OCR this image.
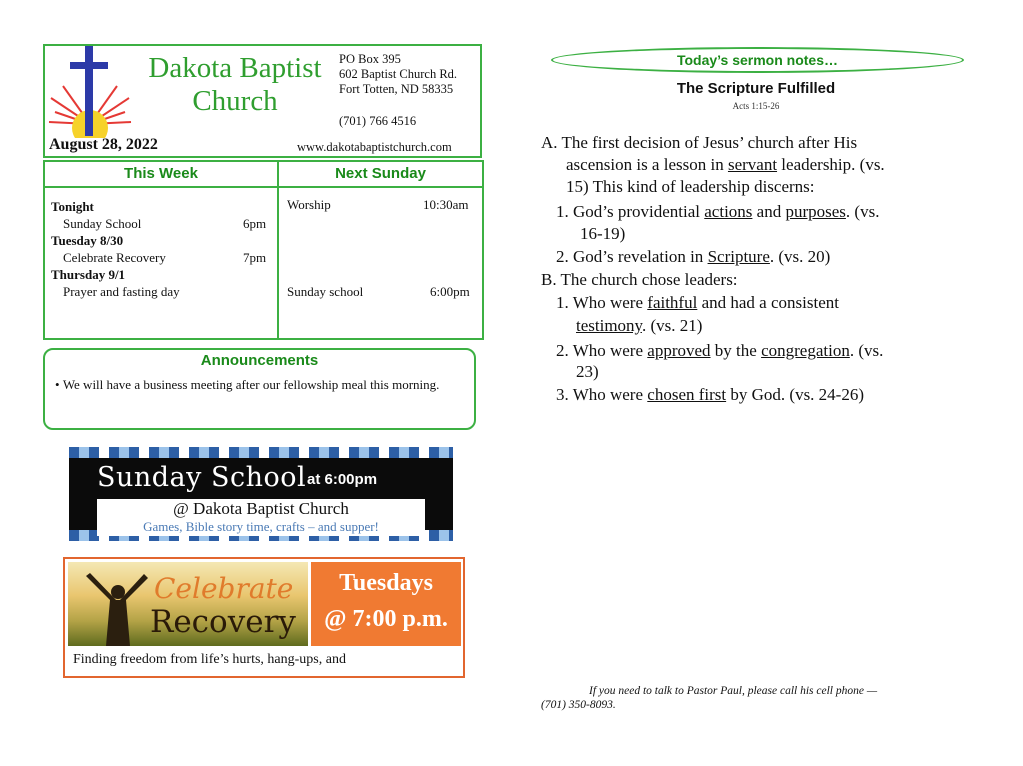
Dakota Baptist
Church
August 28, 2022
PO Box 395
602 Baptist Church Rd.
Fort Totten, ND 58335
(701) 766 4516
www.dakotabaptistchurch.com
This Week	Next Sunday
Tonight
Sunday School	6pm
Tuesday 8/30
Celebrate Recovery	7pm
Thursday 9/1
Prayer and fasting day
Worship	10:30am
Sunday school	6:00pm
Announcements
• We will have a business meeting after our fellowship meal this morning.
Sunday School at 6:00pm
@ Dakota Baptist Church
Games, Bible story time, crafts – and supper!
Celebrate
Recovery
Tuesdays
@ 7:00 p.m.
Finding freedom from life’s hurts, hang-ups, and
Today’s sermon notes…
The Scripture Fulfilled
Acts 1:15-26
A. The first decision of Jesus’ church after His
ascension is a lesson in servant leadership. (vs.
15) This kind of leadership discerns:
1. God’s providential actions and purposes. (vs.
16-19)
2. God’s revelation in Scripture. (vs. 20)
B. The church chose leaders:
1. Who were faithful and had a consistent
testimony. (vs. 21)
2. Who were approved by the congregation. (vs.
23)
3. Who were chosen first by God. (vs. 24-26)
If you need to talk to Pastor Paul, please call his cell phone —
(701) 350-8093.
